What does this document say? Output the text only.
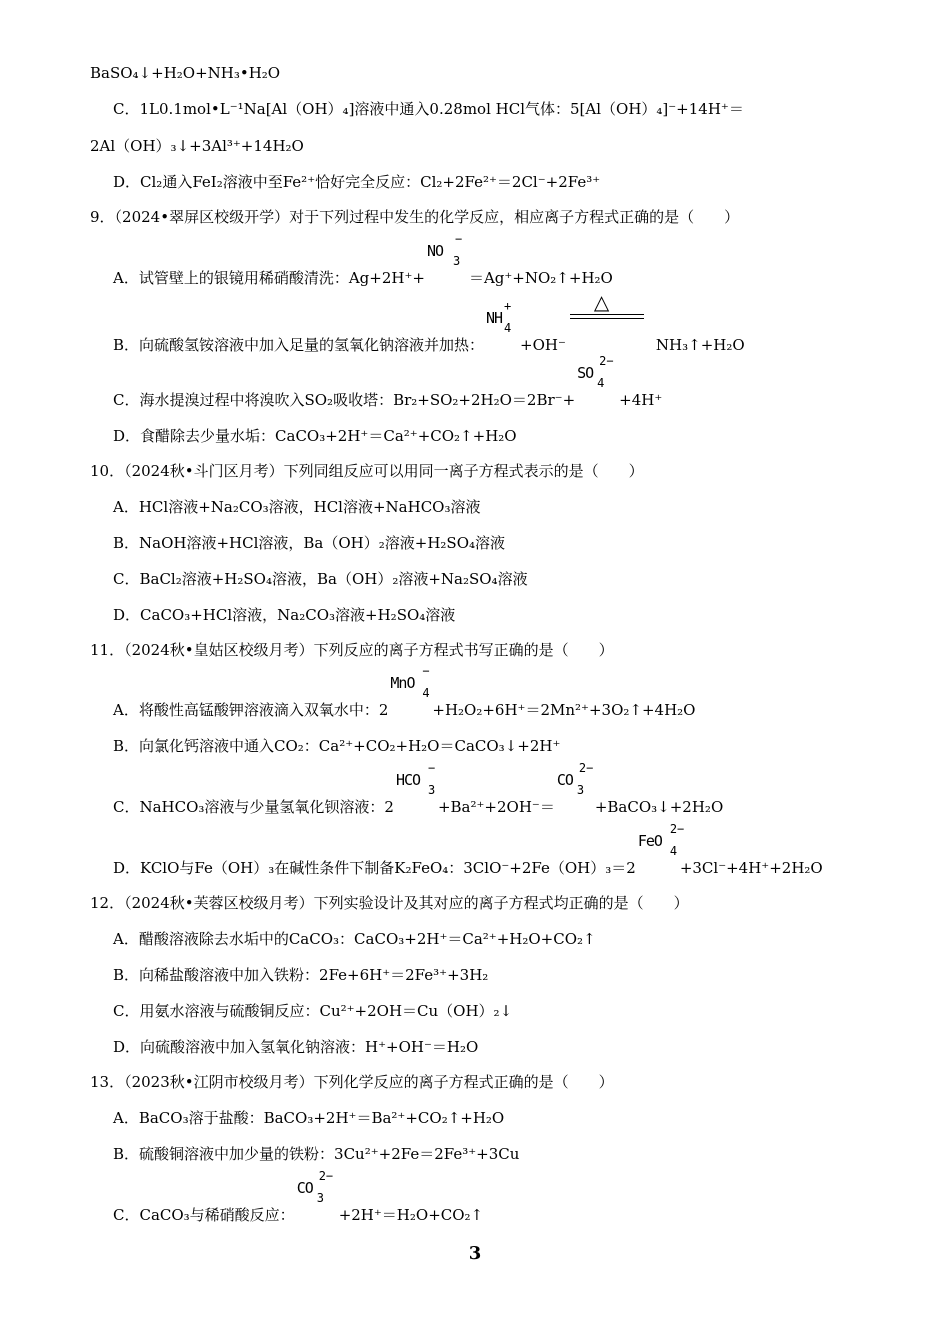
BaSO₄↓+H₂O+NH₃•H₂O
C．1L0.1mol•L⁻¹Na[Al（OH）₄]溶液中通入0.28mol HCl气体：5[Al（OH）₄]⁻+14H⁺＝
2Al（OH）₃↓+3Al³⁺+14H₂O
D．Cl₂通入FeI₂溶液中至Fe²⁺恰好完全反应：Cl₂+2Fe²⁺＝2Cl⁻+2Fe³⁺
9．（2024•翠屏区校级开学）对于下列过程中发生的化学反应，相应离子方程式正确的是（　　）
A．试管壁上的银镜用稀硝酸清洗：Ag+2H⁺+
NO
−
3
＝Ag⁺+NO₂↑+H₂O
B．向硫酸氢铵溶液中加入足量的氢氧化钠溶液并加热：
NH
+
4
+OH⁻
△
NH₃↑+H₂O
C．海水提溴过程中将溴吹入SO₂吸收塔：Br₂+SO₂+2H₂O＝2Br⁻+
SO
2−
4
+4H⁺
D．食醋除去少量水垢：CaCO₃+2H⁺＝Ca²⁺+CO₂↑+H₂O
10．（2024秋•斗门区月考）下列同组反应可以用同一离子方程式表示的是（　　）
A．HCl溶液+Na₂CO₃溶液，HCl溶液+NaHCO₃溶液
B．NaOH溶液+HCl溶液，Ba（OH）₂溶液+H₂SO₄溶液
C．BaCl₂溶液+H₂SO₄溶液，Ba（OH）₂溶液+Na₂SO₄溶液
D．CaCO₃+HCl溶液，Na₂CO₃溶液+H₂SO₄溶液
11．（2024秋•皇姑区校级月考）下列反应的离子方程式书写正确的是（　　）
A．将酸性高锰酸钾溶液滴入双氧水中：2
MnO
−
4
+H₂O₂+6H⁺＝2Mn²⁺+3O₂↑+4H₂O
B．向氯化钙溶液中通入CO₂：Ca²⁺+CO₂+H₂O＝CaCO₃↓+2H⁺
C．NaHCO₃溶液与少量氢氧化钡溶液：2
HCO
−
3
+Ba²⁺+2OH⁻＝
CO
2−
3
+BaCO₃↓+2H₂O
D．KClO与Fe（OH）₃在碱性条件下制备K₂FeO₄：3ClO⁻+2Fe（OH）₃＝2
FeO
2−
4
+3Cl⁻+4H⁺+2H₂O
12．（2024秋•芙蓉区校级月考）下列实验设计及其对应的离子方程式均正确的是（　　）
A．醋酸溶液除去水垢中的CaCO₃：CaCO₃+2H⁺＝Ca²⁺+H₂O+CO₂↑
B．向稀盐酸溶液中加入铁粉：2Fe+6H⁺＝2Fe³⁺+3H₂
C．用氨水溶液与硫酸铜反应：Cu²⁺+2OH＝Cu（OH）₂↓
D．向硫酸溶液中加入氢氧化钠溶液：H⁺+OH⁻＝H₂O
13．（2023秋•江阴市校级月考）下列化学反应的离子方程式正确的是（　　）
A．BaCO₃溶于盐酸：BaCO₃+2H⁺＝Ba²⁺+CO₂↑+H₂O
B．硫酸铜溶液中加少量的铁粉：3Cu²⁺+2Fe＝2Fe³⁺+3Cu
C．CaCO₃与稀硝酸反应：
CO
2−
3
+2H⁺＝H₂O+CO₂↑
3
